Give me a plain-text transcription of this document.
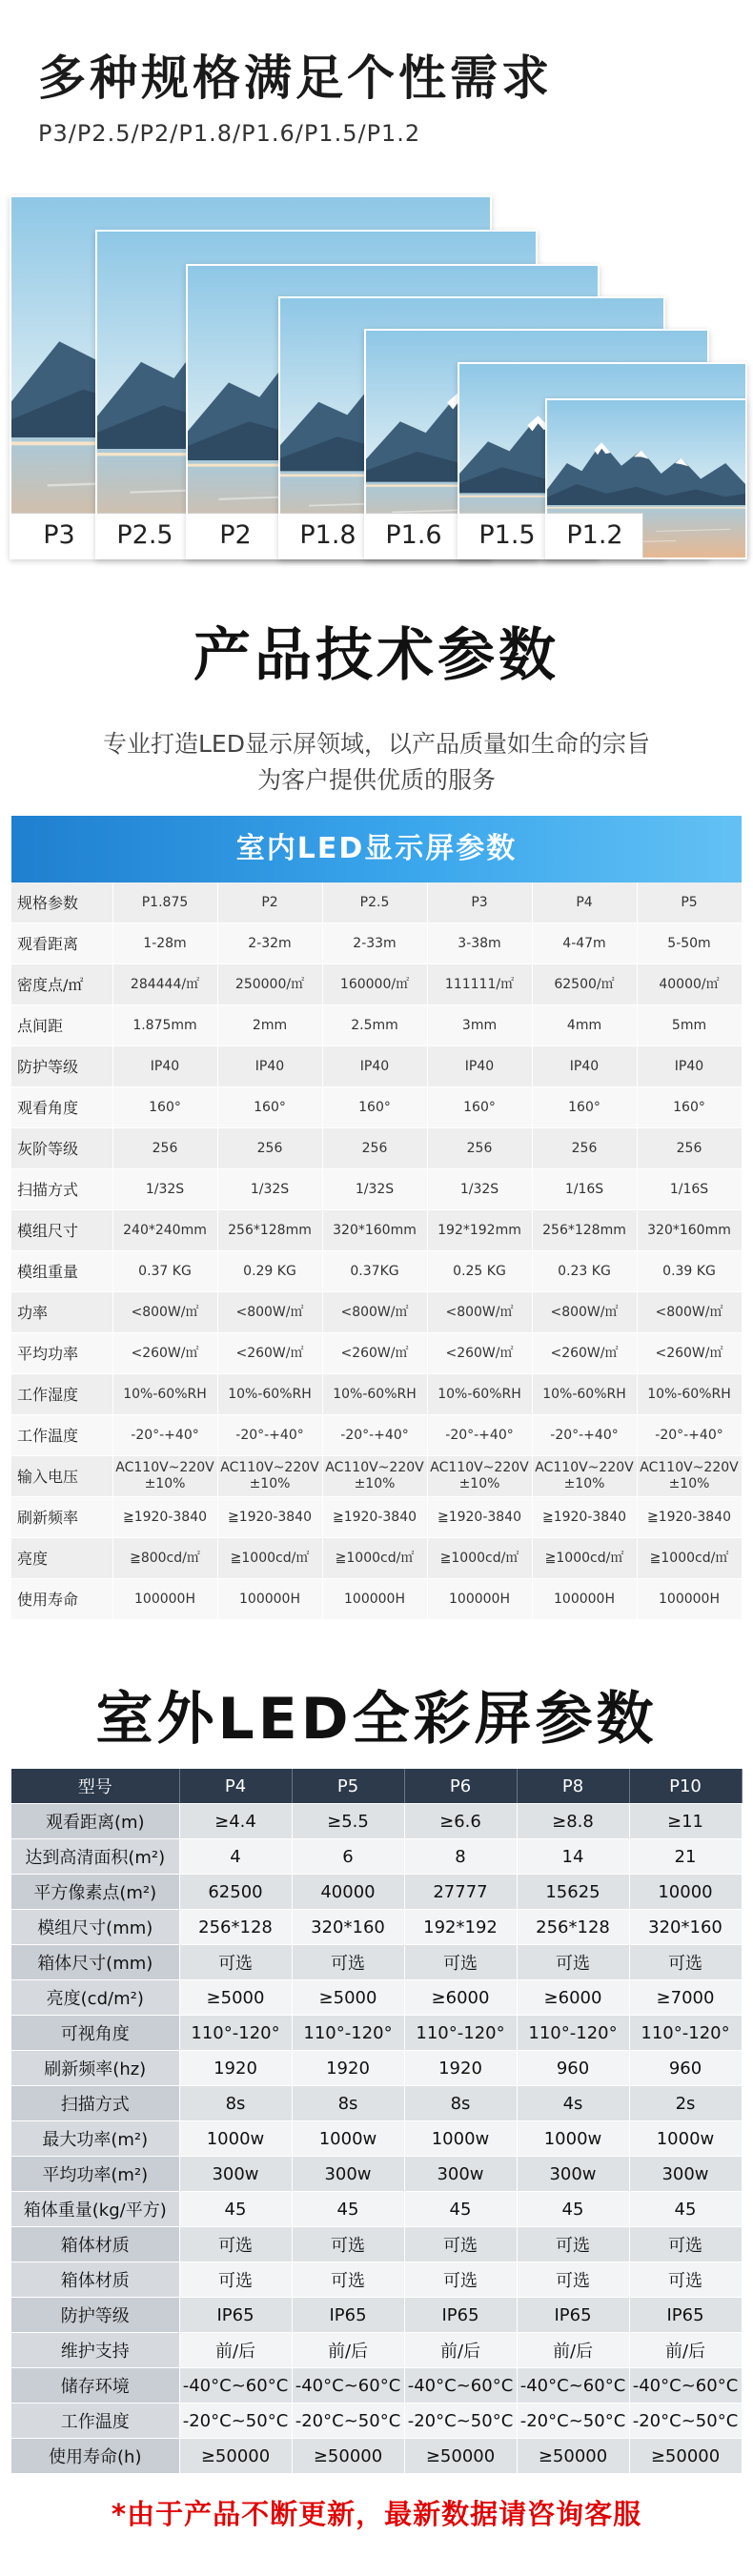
多种规格满足个性需求
P3/P2.5/P2/P1.8/P1.6/P1.5/P1.2
P3	P2.5	P2	P1.8	P1.6	P1.5	P1.2
产品技术参数
专业打造LED显示屏领域，以产品质量如生命的宗旨
为客户提供优质的服务
室内LED显示屏参数
规格参数	P1.875	P2	P2.5	P3	P4	P5
观看距离	1-28m	2-32m	2-33m	3-38m	4-47m	5-50m
密度点/㎡	284444/㎡	250000/㎡	160000/㎡	111111/㎡	62500/㎡	40000/㎡
点间距	1.875mm	2mm	2.5mm	3mm	4mm	5mm
防护等级	IP40	IP40	IP40	IP40	IP40	IP40
观看角度	160°	160°	160°	160°	160°	160°
灰阶等级	256	256	256	256	256	256
扫描方式	1/32S	1/32S	1/32S	1/32S	1/16S	1/16S
模组尺寸	240*240mm	256*128mm	320*160mm	192*192mm	256*128mm	320*160mm
模组重量	0.37 KG	0.29 KG	0.37KG	0.25 KG	0.23 KG	0.39 KG
功率	<800W/㎡	<800W/㎡	<800W/㎡	<800W/㎡	<800W/㎡	<800W/㎡
平均功率	<260W/㎡	<260W/㎡	<260W/㎡	<260W/㎡	<260W/㎡	<260W/㎡
工作湿度	10%-60%RH	10%-60%RH	10%-60%RH	10%-60%RH	10%-60%RH	10%-60%RH
工作温度	-20°-+40°	-20°-+40°	-20°-+40°	-20°-+40°	-20°-+40°	-20°-+40°
输入电压	AC110V~220V ±10%	AC110V~220V ±10%	AC110V~220V ±10%	AC110V~220V ±10%	AC110V~220V ±10%	AC110V~220V ±10%
刷新频率	≧1920-3840	≧1920-3840	≧1920-3840	≧1920-3840	≧1920-3840	≧1920-3840
亮度	≧800cd/㎡	≧1000cd/㎡	≧1000cd/㎡	≧1000cd/㎡	≧1000cd/㎡	≧1000cd/㎡
使用寿命	100000H	100000H	100000H	100000H	100000H	100000H
室外LED全彩屏参数
型号	P4	P5	P6	P8	P10
观看距离(m)	≥4.4	≥5.5	≥6.6	≥8.8	≥11
达到高清面积(m²)	4	6	8	14	21
平方像素点(m²)	62500	40000	27777	15625	10000
模组尺寸(mm)	256*128	320*160	192*192	256*128	320*160
箱体尺寸(mm)	可选	可选	可选	可选	可选
亮度(cd/m²)	≥5000	≥5000	≥6000	≥6000	≥7000
可视角度	110°-120°	110°-120°	110°-120°	110°-120°	110°-120°
刷新频率(hz)	1920	1920	1920	960	960
扫描方式	8s	8s	8s	4s	2s
最大功率(m²)	1000w	1000w	1000w	1000w	1000w
平均功率(m²)	300w	300w	300w	300w	300w
箱体重量(kg/平方)	45	45	45	45	45
箱体材质	可选	可选	可选	可选	可选
箱体材质	可选	可选	可选	可选	可选
防护等级	IP65	IP65	IP65	IP65	IP65
维护支持	前/后	前/后	前/后	前/后	前/后
储存环境	-40°C~60°C	-40°C~60°C	-40°C~60°C	-40°C~60°C	-40°C~60°C
工作温度	-20°C~50°C	-20°C~50°C	-20°C~50°C	-20°C~50°C	-20°C~50°C
使用寿命(h)	≥50000	≥50000	≥50000	≥50000	≥50000
*由于产品不断更新，最新数据请咨询客服
